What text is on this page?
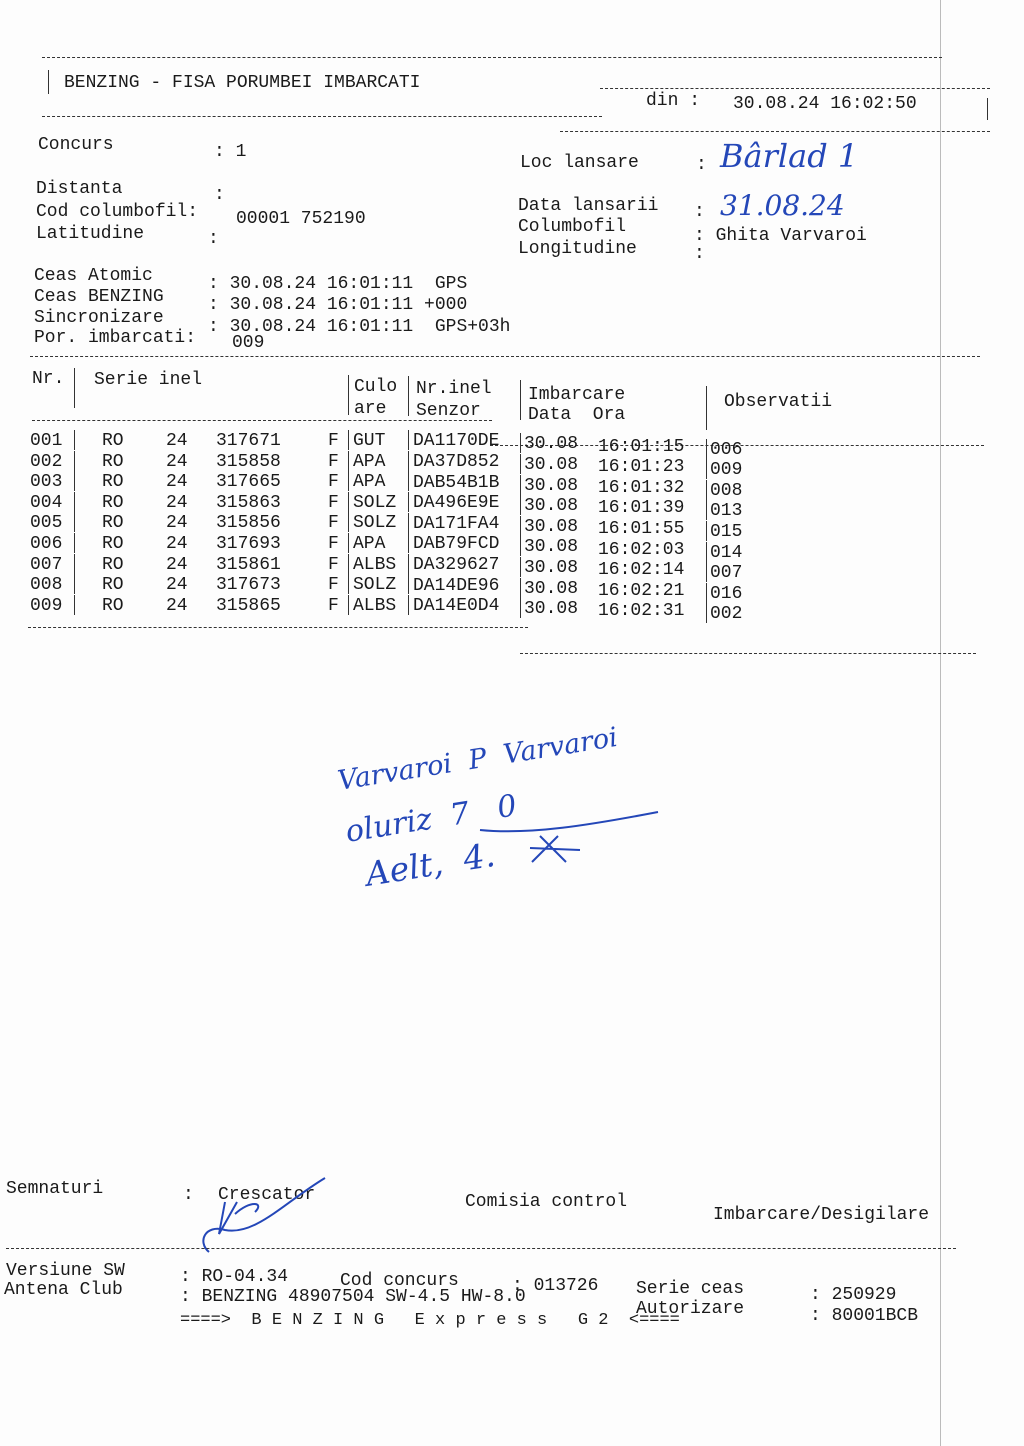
BENZING - FISA PORUMBEI IMBARCATI
din : 30.08.24 16:02:50
Concurs	: 1
Loc lansare	: Bârlad 1
Distanta	:
Cod columbofil: 00001 752190
Data lansarii : 31.08.24
Columbofil	: Ghita Varvaroi
Latitudine	:	Longitudine	:
Ceas Atomic	: 30.08.24 16:01:11  GPS
Ceas BENZING : 30.08.24 16:01:11 +000
Sincronizare : 30.08.24 16:01:11  GPS+03h
Por. imbarcati: 009
Nr. Serie inel	Culo
are
Nr.inel
Senzor
Imbarcare
Data  Ora
Observatii
001 RO 24 317671	F GUT DA1170DE 30.08 16:01:15 006
002 RO 24 315858	F APA DA37D852 30.08 16:01:23 009
003 RO 24 317665	F APA DAB54B1B 30.08 16:01:32 008
004 RO 24 315863	F SOLZ DA496E9E 30.08 16:01:39 013
005 RO 24 315856	F SOLZ DA171FA4 30.08 16:01:55 015
006 RO 24 317693	F APA DAB79FCD 30.08 16:02:03 014
007 RO 24 315861	F ALBS DA329627 30.08 16:02:14 007
008 RO 24 317673	F SOLZ DA14DE96 30.08 16:02:21 016
009 RO 24 315865	F ALBS DA14E0D4 30.08 16:02:31 002
Varvaroi  P  Varvaroi
oluriz  7   0
Aelt,  4.
Semnaturi	: Crescator	Comisia control
Imbarcare/Desigilare
Versiune SW	: RO-04.34	Cod concurs	: 013726 Serie ceas	: 250929
Antena Club	: BENZING 48907504 SW-4.5 HW-8.0
Autorizare	: 80001BCB
====>  B E N Z I N G   E x p r e s s   G 2  <====
